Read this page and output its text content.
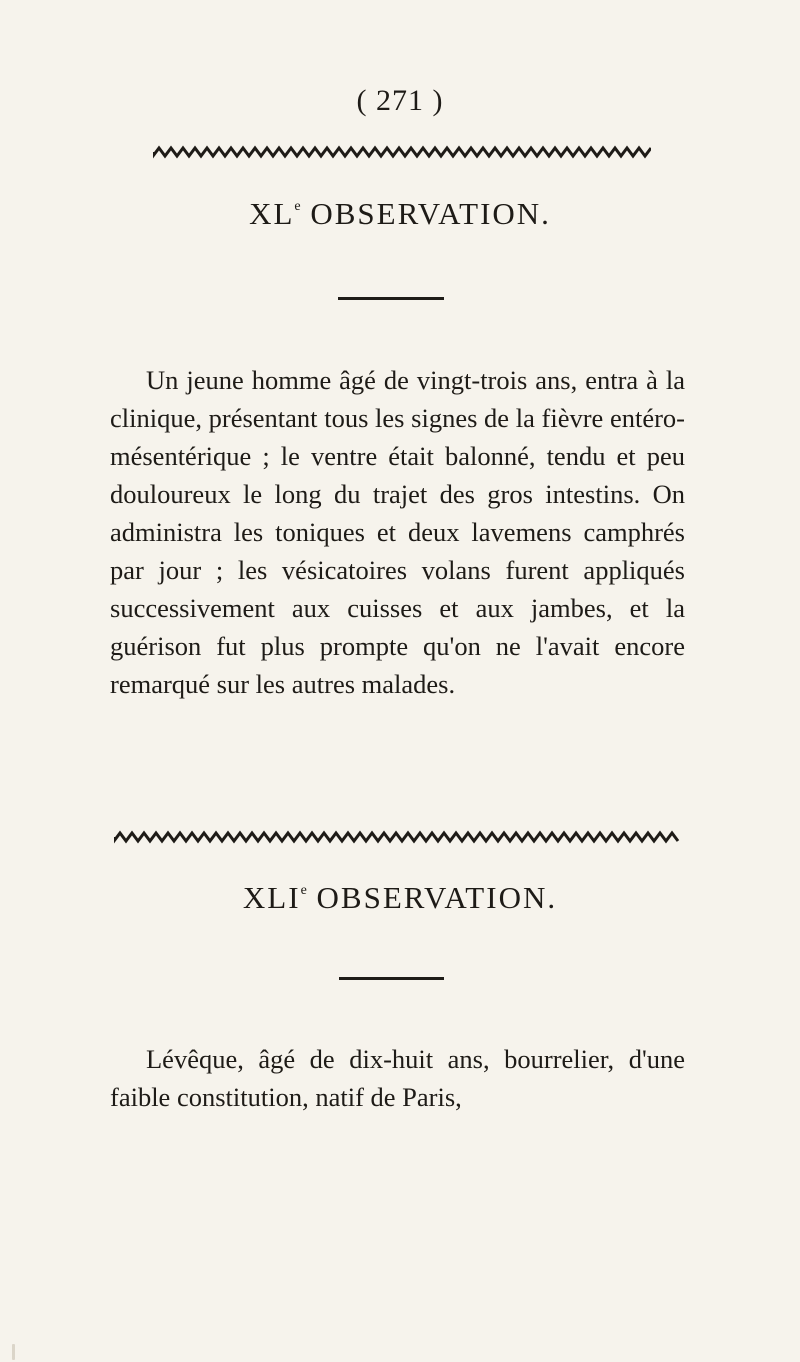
( 271 )
XLe OBSERVATION.

Un jeune homme âgé de vingt-trois ans, entra à la clinique, présentant tous les signes de la fièvre entéro-mésentérique ; le ventre était balonné, tendu et peu douloureux le long du trajet des gros intestins. On administra les toniques et deux lavemens camphrés par jour ; les vésicatoires volans furent appliqués successivement aux cuisses et aux jambes, et la guérison fut plus prompte qu'on ne l'avait encore remarqué sur les autres malades.

XLIe OBSERVATION.

Lévêque, âgé de dix-huit ans, bourrelier, d'une faible constitution, natif de Paris,
